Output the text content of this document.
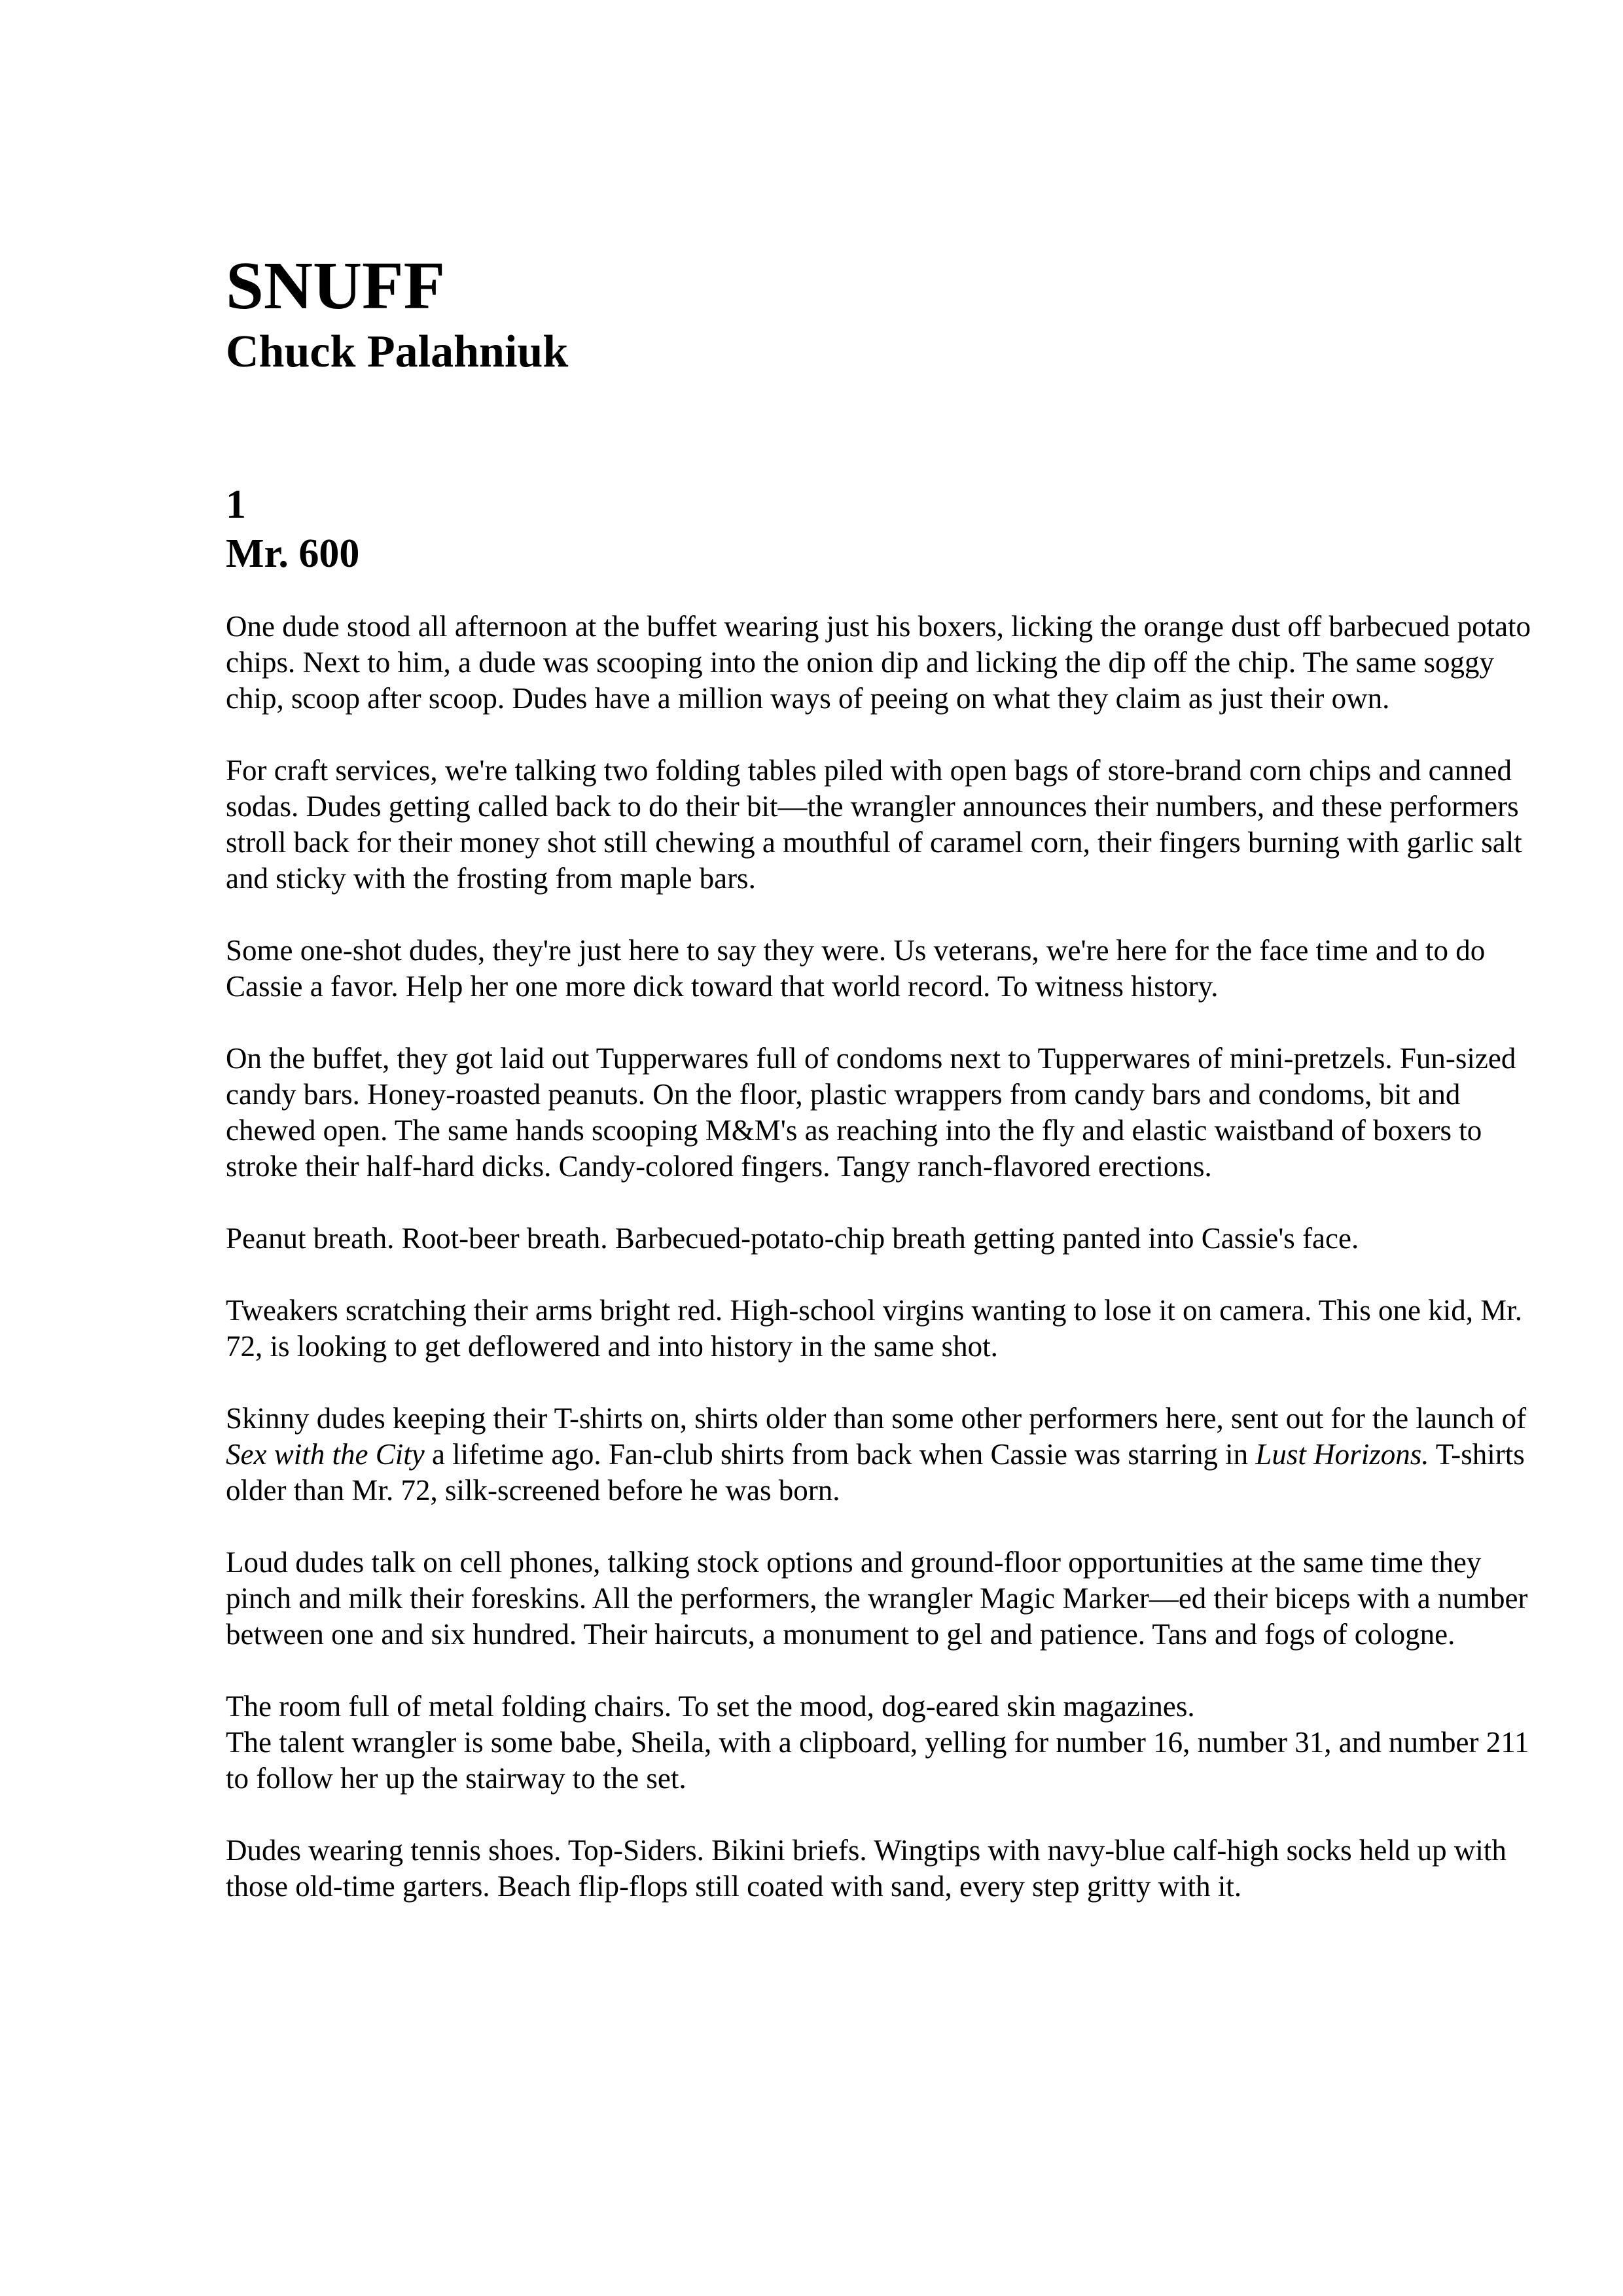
SNUFF
Chuck Palahniuk
1
Mr. 600

One dude stood all afternoon at the buffet wearing just his boxers, licking the orange dust off barbecued potato chips. Next to him, a dude was scooping into the onion dip and licking the dip off the chip. The same soggy chip, scoop after scoop. Dudes have a million ways of peeing on what they claim as just their own.

For craft services, we're talking two folding tables piled with open bags of store-brand corn chips and canned sodas. Dudes getting called back to do their bit—the wrangler announces their numbers, and these performers stroll back for their money shot still chewing a mouthful of caramel corn, their fingers burning with garlic salt and sticky with the frosting from maple bars.

Some one-shot dudes, they're just here to say they were. Us veterans, we're here for the face time and to do Cassie a favor. Help her one more dick toward that world record. To witness history.

On the buffet, they got laid out Tupperwares full of condoms next to Tupperwares of mini-pretzels. Fun-sized candy bars. Honey-roasted peanuts. On the floor, plastic wrappers from candy bars and condoms, bit and chewed open. The same hands scooping M&M's as reaching into the fly and elastic waistband of boxers to stroke their half-hard dicks. Candy-colored fingers. Tangy ranch-flavored erections.

Peanut breath. Root-beer breath. Barbecued-potato-chip breath getting panted into Cassie's face.

Tweakers scratching their arms bright red. High-school virgins wanting to lose it on camera. This one kid, Mr. 72, is looking to get deflowered and into history in the same shot.

Skinny dudes keeping their T-shirts on, shirts older than some other performers here, sent out for the launch of Sex with the City a lifetime ago. Fan-club shirts from back when Cassie was starring in Lust Horizons. T-shirts older than Mr. 72, silk-screened before he was born.

Loud dudes talk on cell phones, talking stock options and ground-floor opportunities at the same time they pinch and milk their foreskins. All the performers, the wrangler Magic Marker—ed their biceps with a number between one and six hundred. Their haircuts, a monument to gel and patience. Tans and fogs of cologne.

The room full of metal folding chairs. To set the mood, dog-eared skin magazines.

The talent wrangler is some babe, Sheila, with a clipboard, yelling for number 16, number 31, and number 211 to follow her up the stairway to the set.

Dudes wearing tennis shoes. Top-Siders. Bikini briefs. Wingtips with navy-blue calf-high socks held up with those old-time garters. Beach flip-flops still coated with sand, every step gritty with it.
